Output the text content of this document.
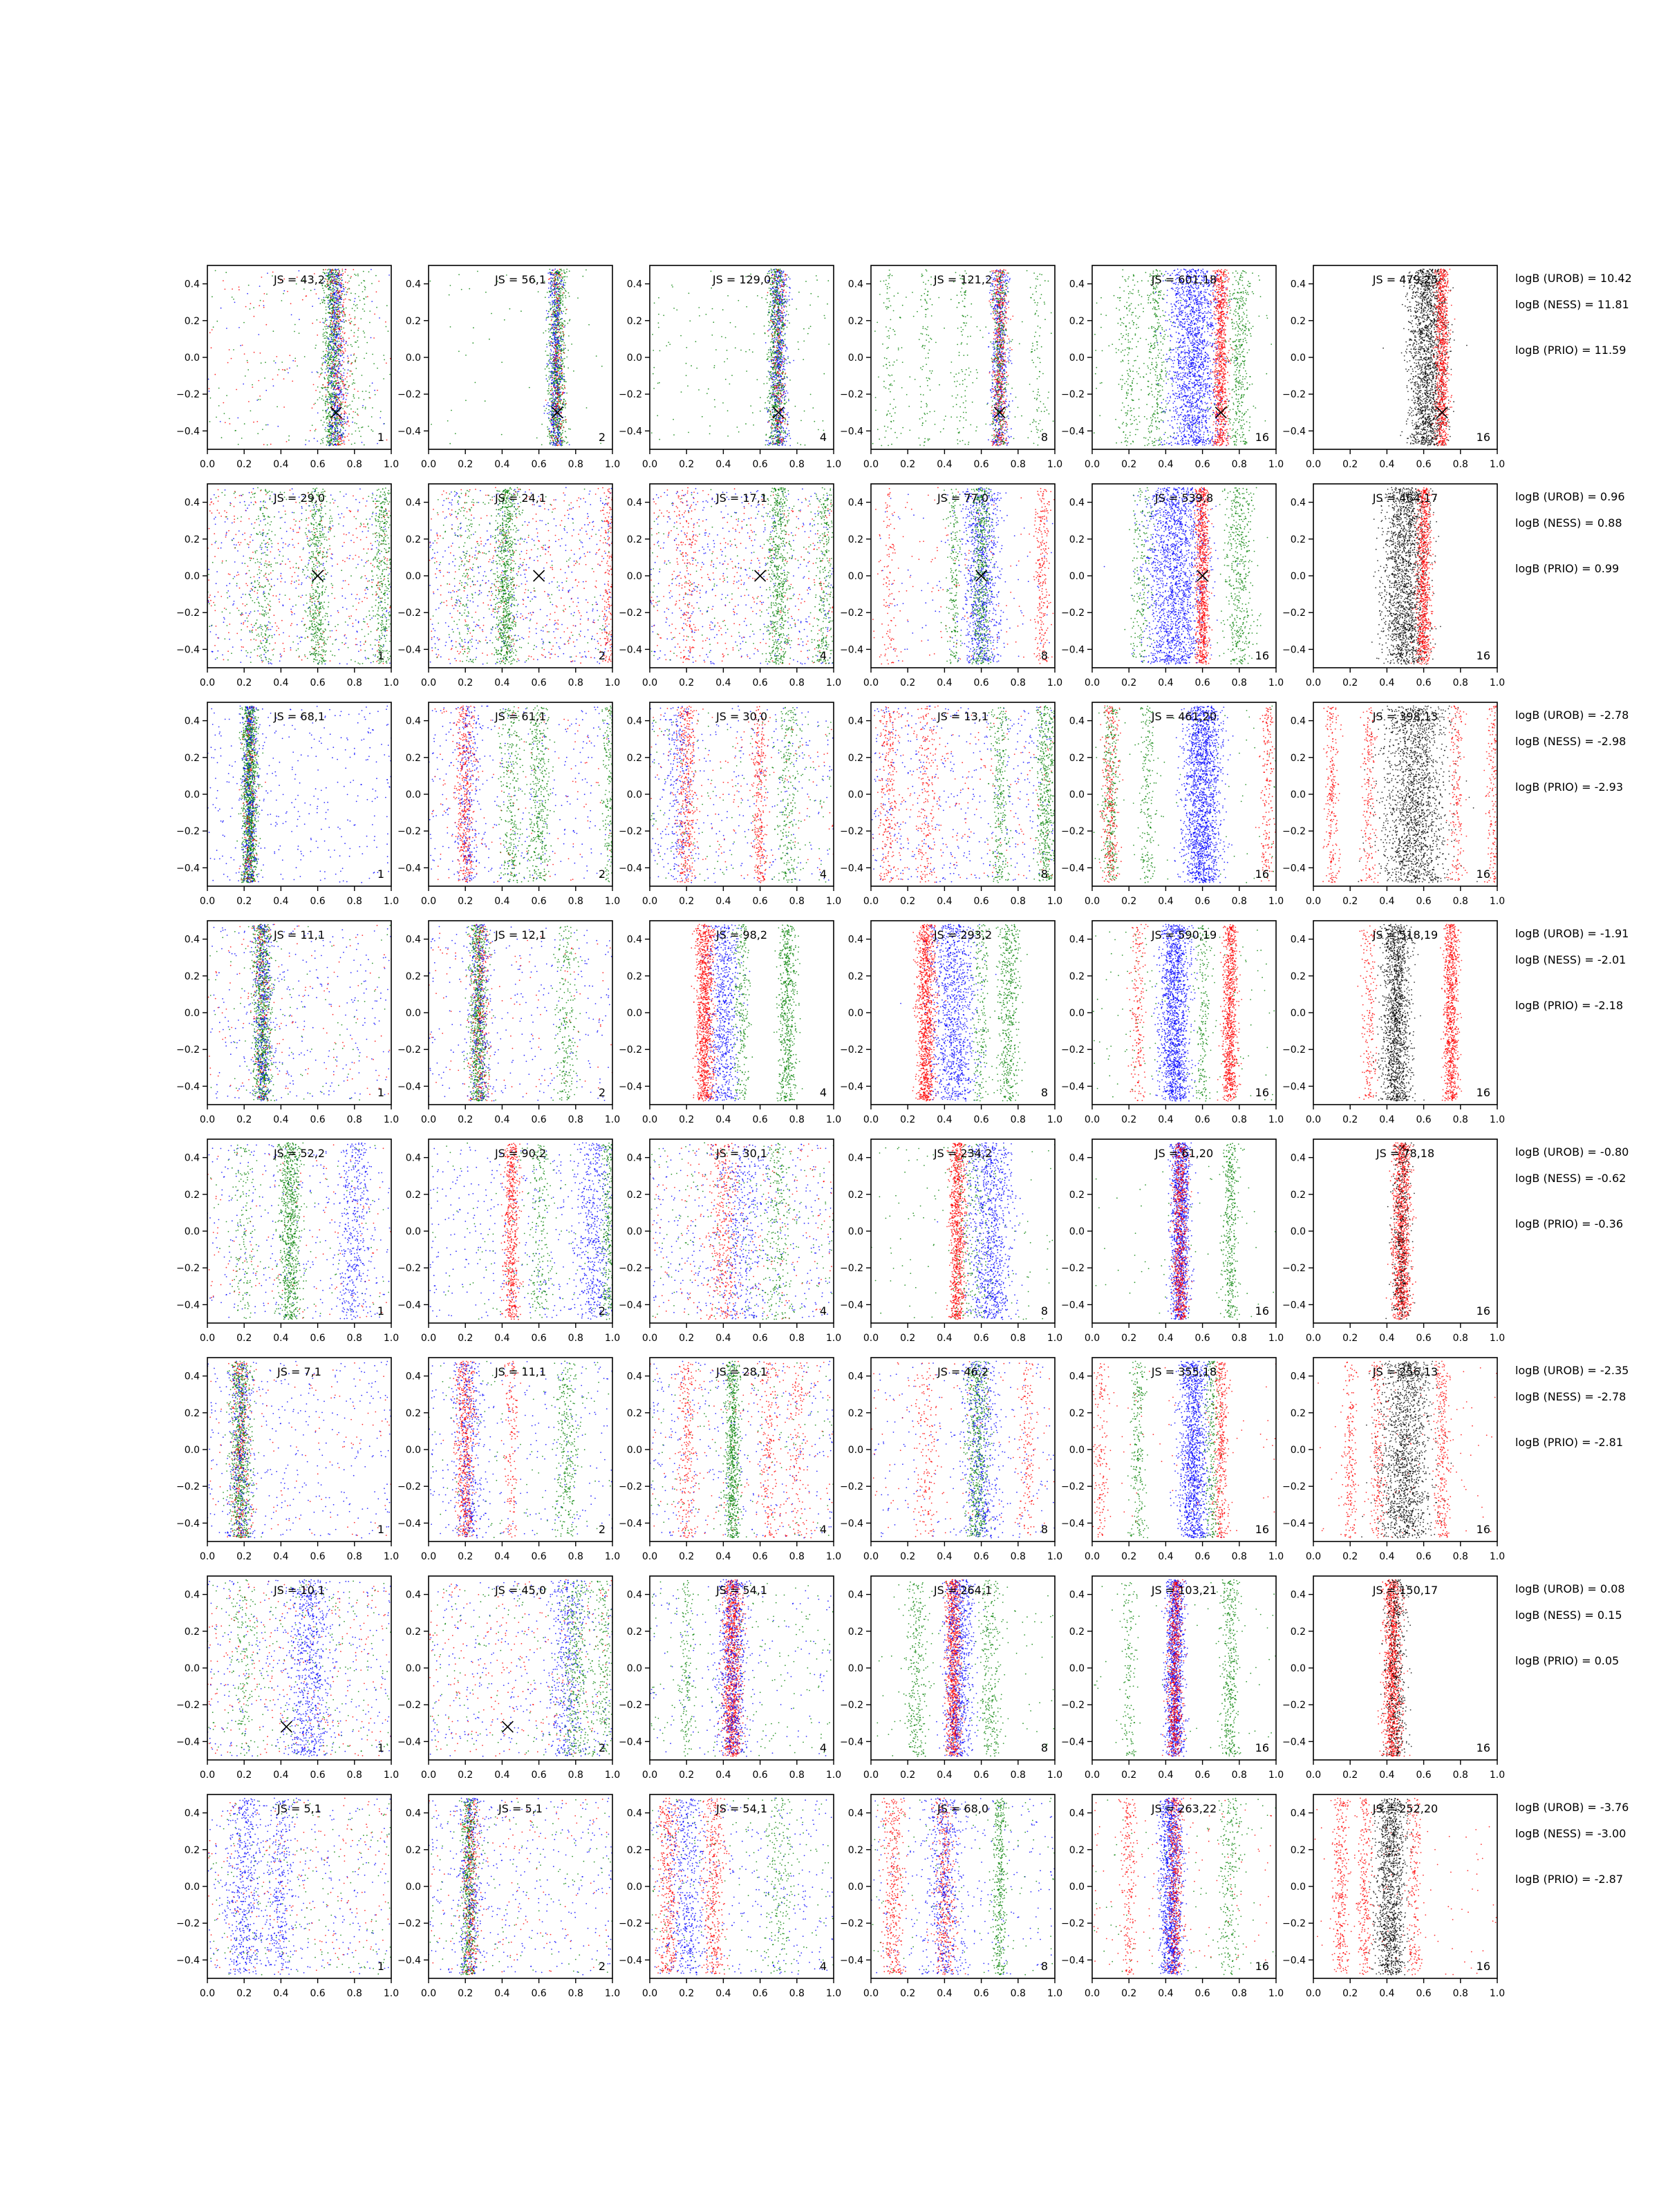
0.0 0.2 0.4 0.6 0.8 1.0
0.4
0.2
0.0
−0.2
−0.4
JS = 43,2
1
0.0 0.2 0.4 0.6 0.8 1.0
0.4
0.2
0.0
−0.2
−0.4
JS = 56,1
2
0.0 0.2 0.4 0.6 0.8 1.0
0.4
0.2
0.0
−0.2
−0.4
JS = 129,0
4
0.0 0.2 0.4 0.6 0.8 1.0
0.4
0.2
0.0
−0.2
−0.4
JS = 121,2
8
0.0 0.2 0.4 0.6 0.8 1.0
0.4
0.2
0.0
−0.2
−0.4
JS = 601,18
16
0.0 0.2 0.4 0.6 0.8 1.0
0.4
0.2
0.0
−0.2
−0.4
JS = 479,25
16
logB (UROB) = 10.42
logB (NESS) = 11.81
logB (PRIO) = 11.59
0.0 0.2 0.4 0.6 0.8 1.0
0.4
0.2
0.0
−0.2
−0.4
JS = 29,0
1
0.0 0.2 0.4 0.6 0.8 1.0
0.4
0.2
0.0
−0.2
−0.4
JS = 24,1
2
0.0 0.2 0.4 0.6 0.8 1.0
0.4
0.2
0.0
−0.2
−0.4
JS = 17,1
4
0.0 0.2 0.4 0.6 0.8 1.0
0.4
0.2
0.0
−0.2
−0.4
JS = 77,0
8
0.0 0.2 0.4 0.6 0.8 1.0
0.4
0.2
0.0
−0.2
−0.4
JS = 539,8
16
0.0 0.2 0.4 0.6 0.8 1.0
0.4
0.2
0.0
−0.2
−0.4
JS = 464,17
16
logB (UROB) = 0.96
logB (NESS) = 0.88
logB (PRIO) = 0.99
0.0 0.2 0.4 0.6 0.8 1.0
0.4
0.2
0.0
−0.2
−0.4
JS = 68,1
1
0.0 0.2 0.4 0.6 0.8 1.0
0.4
0.2
0.0
−0.2
−0.4
JS = 61,1
2
0.0 0.2 0.4 0.6 0.8 1.0
0.4
0.2
0.0
−0.2
−0.4
JS = 30,0
4
0.0 0.2 0.4 0.6 0.8 1.0
0.4
0.2
0.0
−0.2
−0.4
JS = 13,1
8
0.0 0.2 0.4 0.6 0.8 1.0
0.4
0.2
0.0
−0.2
−0.4
JS = 461,20
16
0.0 0.2 0.4 0.6 0.8 1.0
0.4
0.2
0.0
−0.2
−0.4
JS = 398,13
16
logB (UROB) = -2.78
logB (NESS) = -2.98
logB (PRIO) = -2.93
0.0 0.2 0.4 0.6 0.8 1.0
0.4
0.2
0.0
−0.2
−0.4
JS = 11,1
1
0.0 0.2 0.4 0.6 0.8 1.0
0.4
0.2
0.0
−0.2
−0.4
JS = 12,1
2
0.0 0.2 0.4 0.6 0.8 1.0
0.4
0.2
0.0
−0.2
−0.4
JS = 98,2
4
0.0 0.2 0.4 0.6 0.8 1.0
0.4
0.2
0.0
−0.2
−0.4
JS = 293,2
8
0.0 0.2 0.4 0.6 0.8 1.0
0.4
0.2
0.0
−0.2
−0.4
JS = 590,19
16
0.0 0.2 0.4 0.6 0.8 1.0
0.4
0.2
0.0
−0.2
−0.4
JS = 518,19
16
logB (UROB) = -1.91
logB (NESS) = -2.01
logB (PRIO) = -2.18
0.0 0.2 0.4 0.6 0.8 1.0
0.4
0.2
0.0
−0.2
−0.4
JS = 52,2
1
0.0 0.2 0.4 0.6 0.8 1.0
0.4
0.2
0.0
−0.2
−0.4
JS = 90,2
2
0.0 0.2 0.4 0.6 0.8 1.0
0.4
0.2
0.0
−0.2
−0.4
JS = 30,1
4
0.0 0.2 0.4 0.6 0.8 1.0
0.4
0.2
0.0
−0.2
−0.4
JS = 234,2
8
0.0 0.2 0.4 0.6 0.8 1.0
0.4
0.2
0.0
−0.2
−0.4
JS = 61,20
16
0.0 0.2 0.4 0.6 0.8 1.0
0.4
0.2
0.0
−0.2
−0.4
JS = 78,18
16
logB (UROB) = -0.80
logB (NESS) = -0.62
logB (PRIO) = -0.36
0.0 0.2 0.4 0.6 0.8 1.0
0.4
0.2
0.0
−0.2
−0.4
JS = 7,1
1
0.0 0.2 0.4 0.6 0.8 1.0
0.4
0.2
0.0
−0.2
−0.4
JS = 11,1
2
0.0 0.2 0.4 0.6 0.8 1.0
0.4
0.2
0.0
−0.2
−0.4
JS = 28,1
4
0.0 0.2 0.4 0.6 0.8 1.0
0.4
0.2
0.0
−0.2
−0.4
JS = 46,2
8
0.0 0.2 0.4 0.6 0.8 1.0
0.4
0.2
0.0
−0.2
−0.4
JS = 355,18
16
0.0 0.2 0.4 0.6 0.8 1.0
0.4
0.2
0.0
−0.2
−0.4
JS = 256,13
16
logB (UROB) = -2.35
logB (NESS) = -2.78
logB (PRIO) = -2.81
0.0 0.2 0.4 0.6 0.8 1.0
0.4
0.2
0.0
−0.2
−0.4
JS = 10,1
1
0.0 0.2 0.4 0.6 0.8 1.0
0.4
0.2
0.0
−0.2
−0.4
JS = 45,0
2
0.0 0.2 0.4 0.6 0.8 1.0
0.4
0.2
0.0
−0.2
−0.4
JS = 54,1
4
0.0 0.2 0.4 0.6 0.8 1.0
0.4
0.2
0.0
−0.2
−0.4
JS = 264,1
8
0.0 0.2 0.4 0.6 0.8 1.0
0.4
0.2
0.0
−0.2
−0.4
JS = 103,21
16
0.0 0.2 0.4 0.6 0.8 1.0
0.4
0.2
0.0
−0.2
−0.4
JS = 150,17
16
logB (UROB) = 0.08
logB (NESS) = 0.15
logB (PRIO) = 0.05
0.0 0.2 0.4 0.6 0.8 1.0
0.4
0.2
0.0
−0.2
−0.4
JS = 5,1
1
0.0 0.2 0.4 0.6 0.8 1.0
0.4
0.2
0.0
−0.2
−0.4
JS = 5,1
2
0.0 0.2 0.4 0.6 0.8 1.0
0.4
0.2
0.0
−0.2
−0.4
JS = 54,1
4
0.0 0.2 0.4 0.6 0.8 1.0
0.4
0.2
0.0
−0.2
−0.4
JS = 68,0
8
0.0 0.2 0.4 0.6 0.8 1.0
0.4
0.2
0.0
−0.2
−0.4
JS = 263,22
16
0.0 0.2 0.4 0.6 0.8 1.0
0.4
0.2
0.0
−0.2
−0.4
JS = 252,20
16
logB (UROB) = -3.76
logB (NESS) = -3.00
logB (PRIO) = -2.87
